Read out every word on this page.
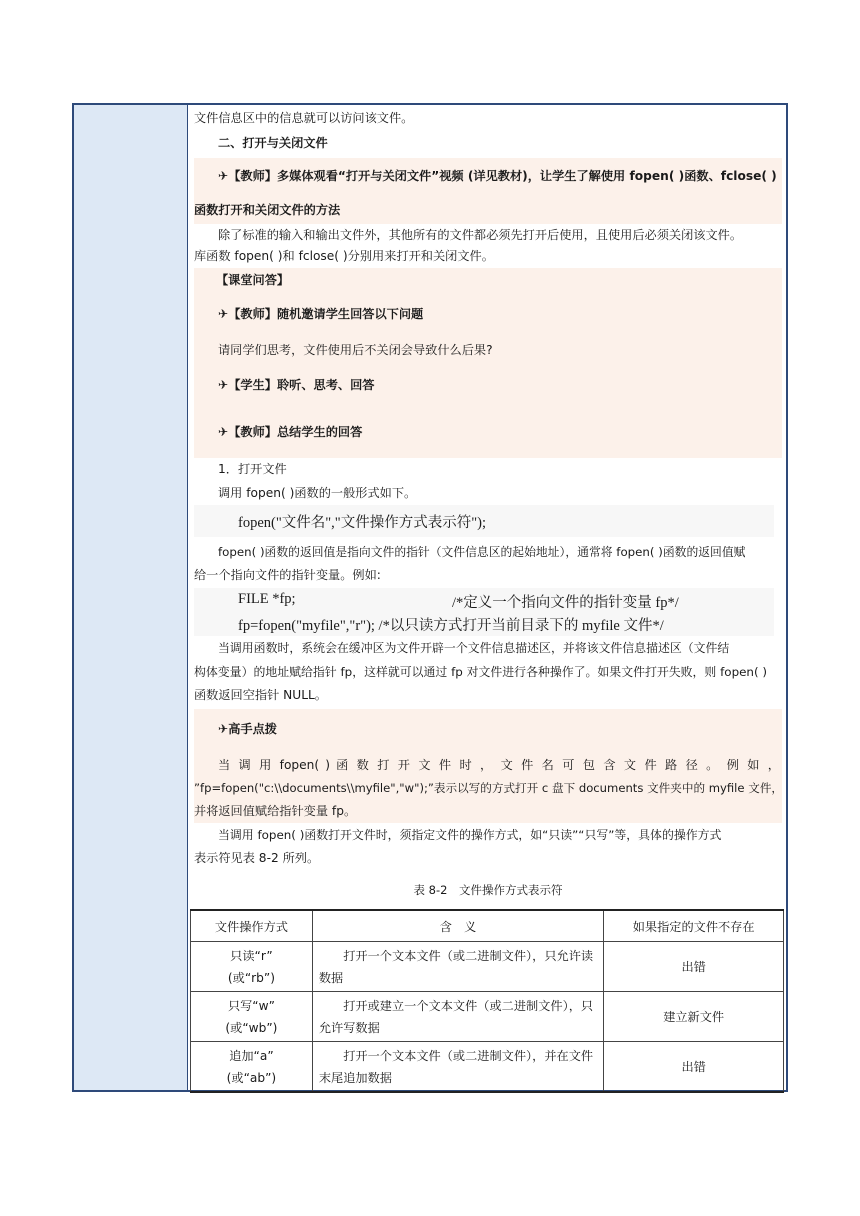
文件信息区中的信息就可以访问该文件。
二、打开与关闭文件
✈【教师】多媒体观看“打开与关闭文件”视频 (详见教材)，让学生了解使用 fopen( )函数、fclose( )
函数打开和关闭文件的方法
除了标准的输入和输出文件外，其他所有的文件都必须先打开后使用，且使用后必须关闭该文件。
库函数 fopen( )和 fclose( )分别用来打开和关闭文件。
【课堂问答】
✈【教师】随机邀请学生回答以下问题
请同学们思考，文件使用后不关闭会导致什么后果?
✈【学生】聆听、思考、回答
✈【教师】总结学生的回答
1．打开文件
调用 fopen( )函数的一般形式如下。
fopen("文件名","文件操作方式表示符");
fopen( )函数的返回值是指向文件的指针（文件信息区的起始地址），通常将 fopen( )函数的返回值赋
给一个指向文件的指针变量。例如:
FILE *fp;	/*定义一个指向文件的指针变量 fp*/
fp=fopen("myfile","r"); /*以只读方式打开当前目录下的 myfile 文件*/
当调用函数时，系统会在缓冲区为文件开辟一个文件信息描述区，并将该文件信息描述区（文件结
构体变量）的地址赋给指针 fp，这样就可以通过 fp 对文件进行各种操作了。如果文件打开失败，则 fopen( )
函数返回空指针 NULL。
✈高手点拨
当 调 用 fopen( ) 函 数 打 开 文 件 时 ， 文 件 名 可 包 含 文 件 路 径 。 例 如 ，
”fp=fopen("c:\\documents\\myfile","w");”表示以写的方式打开 c 盘下 documents 文件夹中的 myfile 文件，
并将返回值赋给指针变量 fp。
当调用 fopen( )函数打开文件时，须指定文件的操作方式，如“只读”“只写”等，具体的操作方式
表示符见表 8-2 所列。
表 8-2　文件操作方式表示符
文件操作方式	含　义	如果指定的文件不存在

只读“r”
(或“rb”)	打开一个文本文件（或二进制文件），只允许读数据	出错

只写“w”
(或“wb”)	打开或建立一个文本文件（或二进制文件），只允许写数据	建立新文件

追加“a”
(或“ab”)	打开一个文本文件（或二进制文件），并在文件末尾追加数据	出错
